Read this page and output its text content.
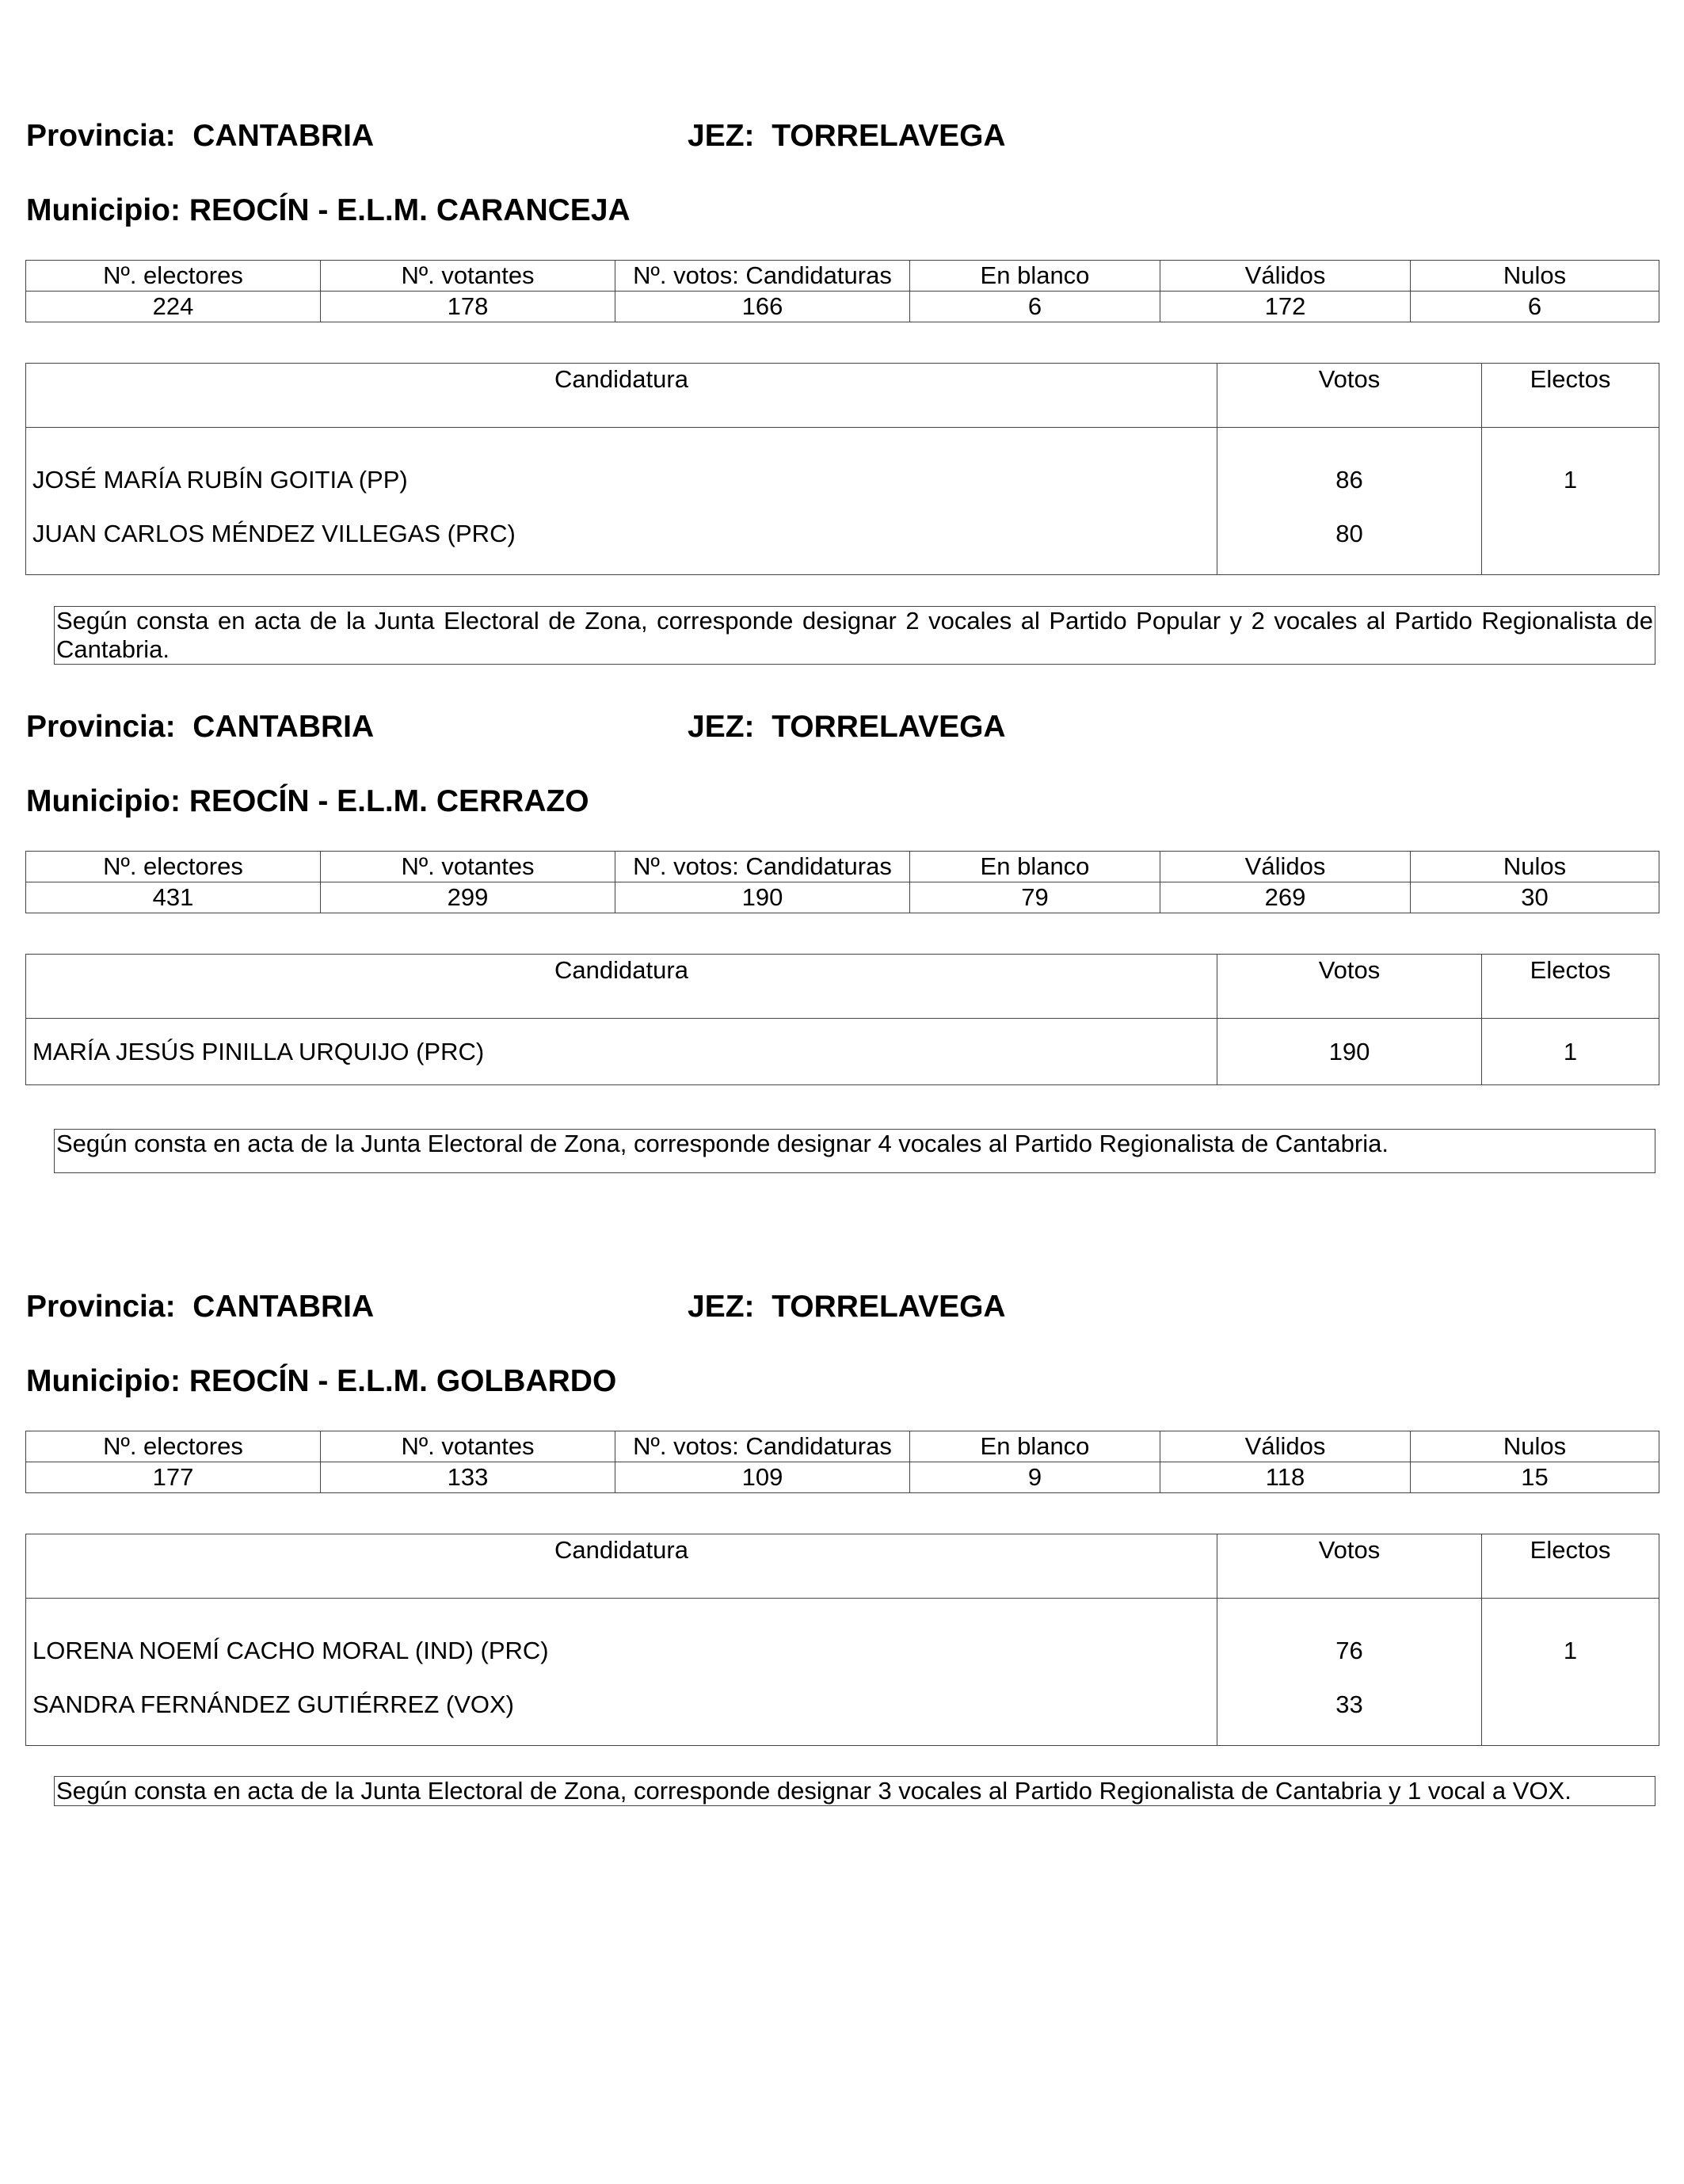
Provincia: CANTABRIA	JEZ: TORRELAVEGA
Municipio: REOCÍN - E.L.M. CARANCEJA
Nº. electores	Nº. votantes	Nº. votos: Candidaturas	En blanco	Válidos	Nulos
224	178	166	6	172	6
Candidatura	Votos	Electos
JOSÉ MARÍA RUBÍN GOITIA (PP)	86	1
JUAN CARLOS MÉNDEZ VILLEGAS (PRC)	80	
Según consta en acta de la Junta Electoral de Zona, corresponde designar 2 vocales al Partido Popular y 2 vocales al Partido Regionalista de Cantabria.
Provincia: CANTABRIA	JEZ: TORRELAVEGA
Municipio: REOCÍN - E.L.M. CERRAZO
Nº. electores	Nº. votantes	Nº. votos: Candidaturas	En blanco	Válidos	Nulos
431	299	190	79	269	30
Candidatura	Votos	Electos
MARÍA JESÚS PINILLA URQUIJO (PRC)	190	1
Según consta en acta de la Junta Electoral de Zona, corresponde designar 4 vocales al Partido Regionalista de Cantabria.
Provincia: CANTABRIA	JEZ: TORRELAVEGA
Municipio: REOCÍN - E.L.M. GOLBARDO
Nº. electores	Nº. votantes	Nº. votos: Candidaturas	En blanco	Válidos	Nulos
177	133	109	9	118	15
Candidatura	Votos	Electos
LORENA NOEMÍ CACHO MORAL (IND) (PRC)	76	1
SANDRA FERNÁNDEZ GUTIÉRREZ (VOX)	33	
Según consta en acta de la Junta Electoral de Zona, corresponde designar 3 vocales al Partido Regionalista de Cantabria y 1 vocal a VOX.
